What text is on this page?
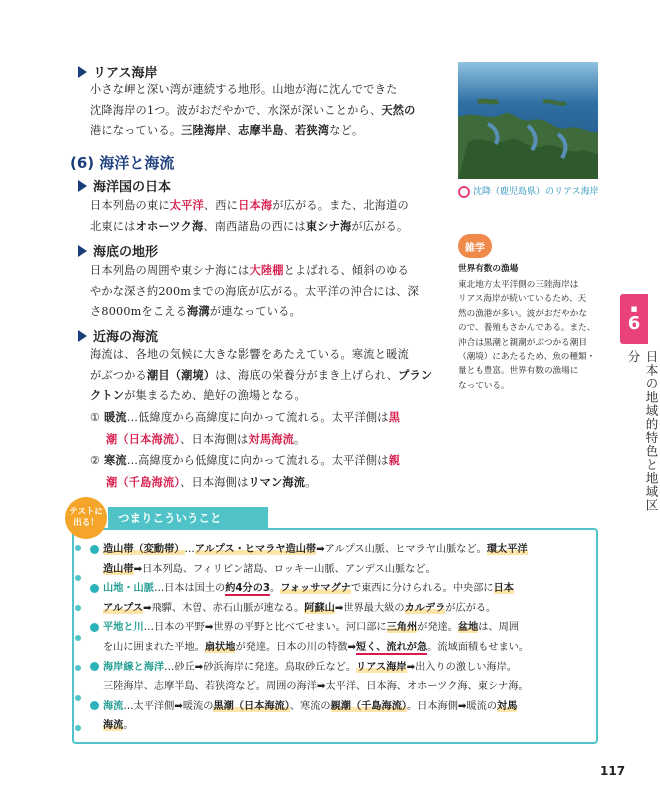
リアス海岸
小さな岬と深い湾が連続する地形。山地が海に沈んでできた
沈降海岸の1つ。波がおだやかで、水深が深いことから、天然の
港になっている。三陸海岸、志摩半島、若狭湾など。
(6) 海洋と海流
海洋国の日本
日本列島の東に太平洋、西に日本海が広がる。また、北海道の
北東にはオホーツク海、南西諸島の西には東シナ海が広がる。
海底の地形
日本列島の周囲や東シナ海には大陸棚とよばれる、傾斜のゆる
やかな深さ約200mまでの海底が広がる。太平洋の沖合には、深
さ8000mをこえる海溝が連なっている。
近海の海流
海流は、各地の気候に大きな影響をあたえている。寒流と暖流
がぶつかる潮目（潮境）は、海底の栄養分がまき上げられ、プラン
クトンが集まるため、絶好の漁場となる。
① 暖流…低緯度から高緯度に向かって流れる。太平洋側は黒
潮（日本海流）、日本海側は対馬海流。
② 寒流…高緯度から低緯度に向かって流れる。太平洋側は親
潮（千島海流）、日本海側はリマン海流。
沈降（鹿児島県）のリアス海岸
雑学
世界有数の漁場
東北地方太平洋側の三陸海岸は
リアス海岸が続いているため、天
然の漁港が多い。波がおだやかな
ので、養殖もさかんである。また、
沖合は黒潮と親潮がぶつかる潮目
（潮境）にあたるため、魚の種類・
量とも豊富。世界有数の漁場に
なっている。
■
6
日本の地域的特色と地域区分
テストに出る！	つまりこういうこと
造山帯（変動帯）…アルプス・ヒマラヤ造山帯➡アルプス山脈、ヒマラヤ山脈など。環太平洋
造山帯➡日本列島、フィリピン諸島、ロッキー山脈、アンデス山脈など。
山地・山脈…日本は国土の約4分の3。フォッサマグナで東西に分けられる。中央部に日本
アルプス➡飛驒、木曽、赤石山脈が連なる。阿蘇山➡世界最大級のカルデラが広がる。
平地と川…日本の平野➡世界の平野と比べてせまい。河口部に三角州が発達。盆地は、周囲
を山に囲まれた平地。扇状地が発達。日本の川の特徴➡短く、流れが急。流域面積もせまい。
海岸線と海洋…砂丘➡砂浜海岸に発達。鳥取砂丘など。リアス海岸➡出入りの激しい海岸。
三陸海岸、志摩半島、若狭湾など。周囲の海洋➡太平洋、日本海、オホーツク海、東シナ海。
海流…太平洋側➡暖流の黒潮（日本海流）、寒流の親潮（千島海流）。日本海側➡暖流の対馬
海流。
117
